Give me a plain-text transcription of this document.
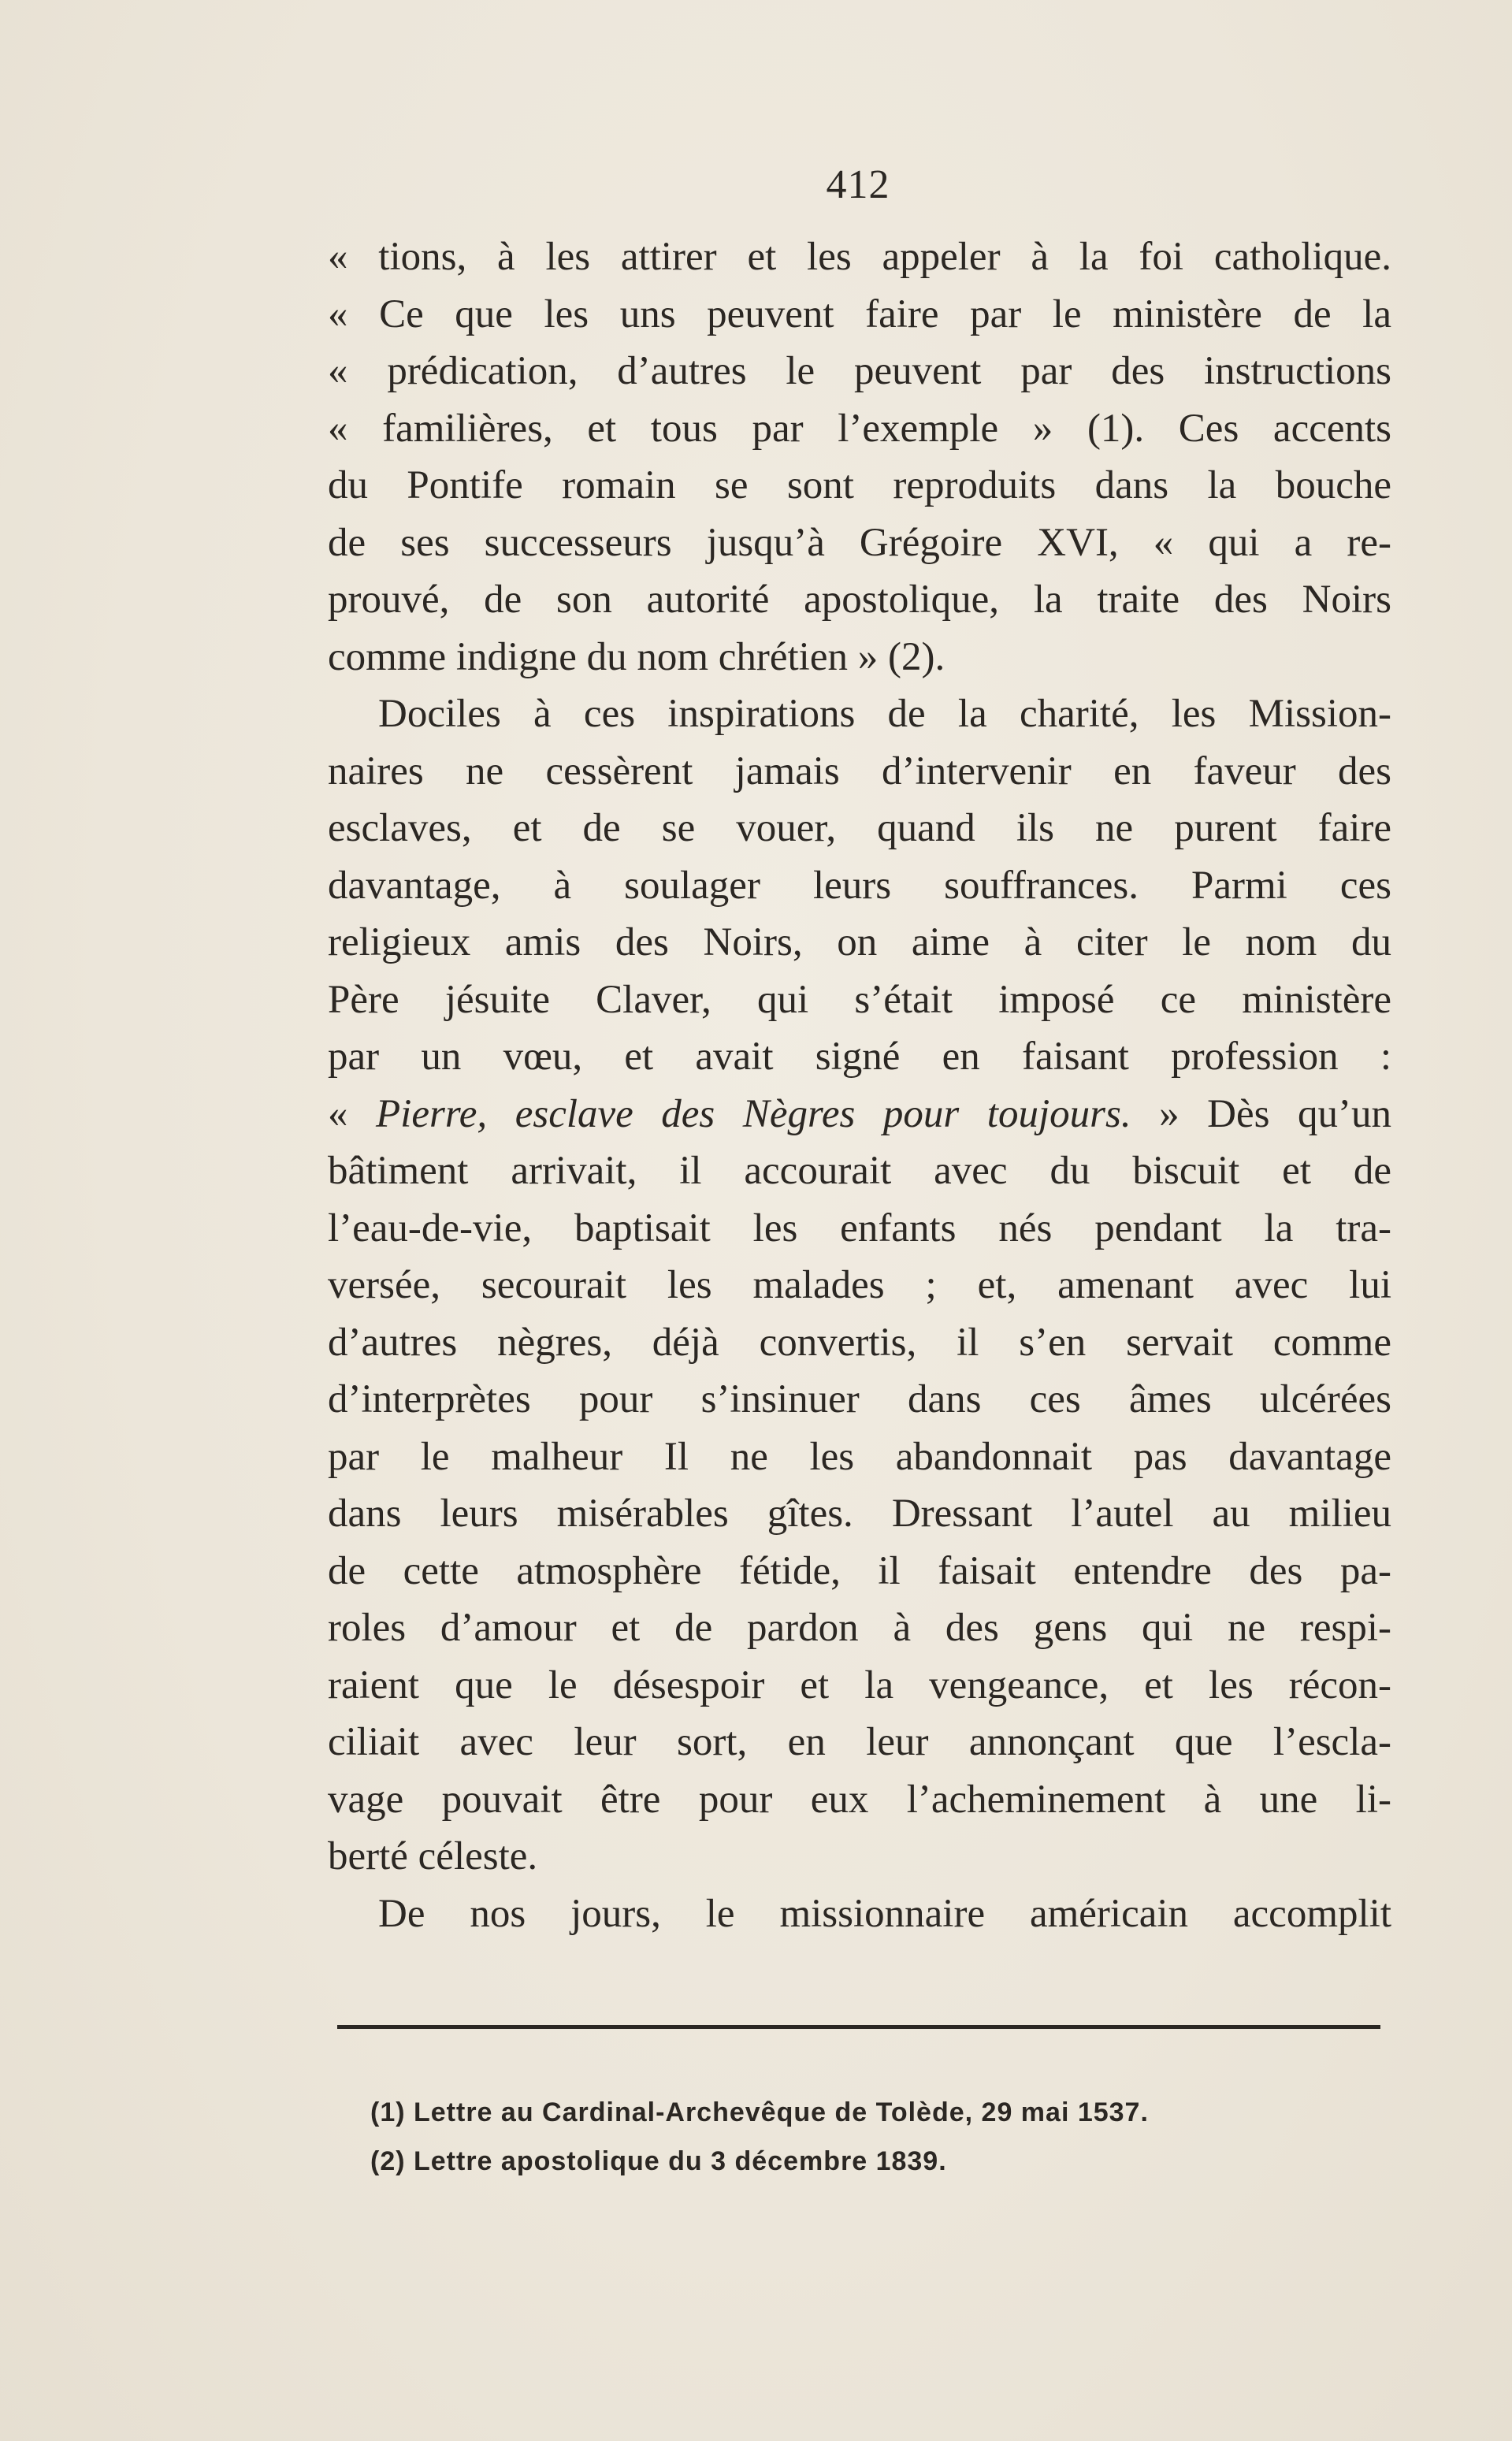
412
« tions, à les attirer et les appeler à la foi catholique.
« Ce que les uns peuvent faire par le ministère de la
« prédication, d’autres le peuvent par des instructions
« familières, et tous par l’exemple » (1). Ces accents
du Pontife romain se sont reproduits dans la bouche
de ses successeurs jusqu’à Grégoire XVI, « qui a re-
prouvé, de son autorité apostolique, la traite des Noirs
comme indigne du nom chrétien » (2).
Dociles à ces inspirations de la charité, les Mission-
naires ne cessèrent jamais d’intervenir en faveur des
esclaves, et de se vouer, quand ils ne purent faire
davantage, à soulager leurs souffrances. Parmi ces
religieux amis des Noirs, on aime à citer le nom du
Père jésuite Claver, qui s’était imposé ce ministère
par un vœu, et avait signé en faisant profession :
« Pierre, esclave des Nègres pour toujours. » Dès qu’un
bâtiment arrivait, il accourait avec du biscuit et de
l’eau-de-vie, baptisait les enfants nés pendant la tra-
versée, secourait les malades ; et, amenant avec lui
d’autres nègres, déjà convertis, il s’en servait comme
d’interprètes pour s’insinuer dans ces âmes ulcérées
par le malheur Il ne les abandonnait pas davantage
dans leurs misérables gîtes. Dressant l’autel au milieu
de cette atmosphère fétide, il faisait entendre des pa-
roles d’amour et de pardon à des gens qui ne respi-
raient que le désespoir et la vengeance, et les récon-
ciliait avec leur sort, en leur annonçant que l’escla-
vage pouvait être pour eux l’acheminement à une li-
berté céleste.
De nos jours, le missionnaire américain accomplit
(1) Lettre au Cardinal-Archevêque de Tolède, 29 mai 1537.
(2) Lettre apostolique du 3 décembre 1839.
